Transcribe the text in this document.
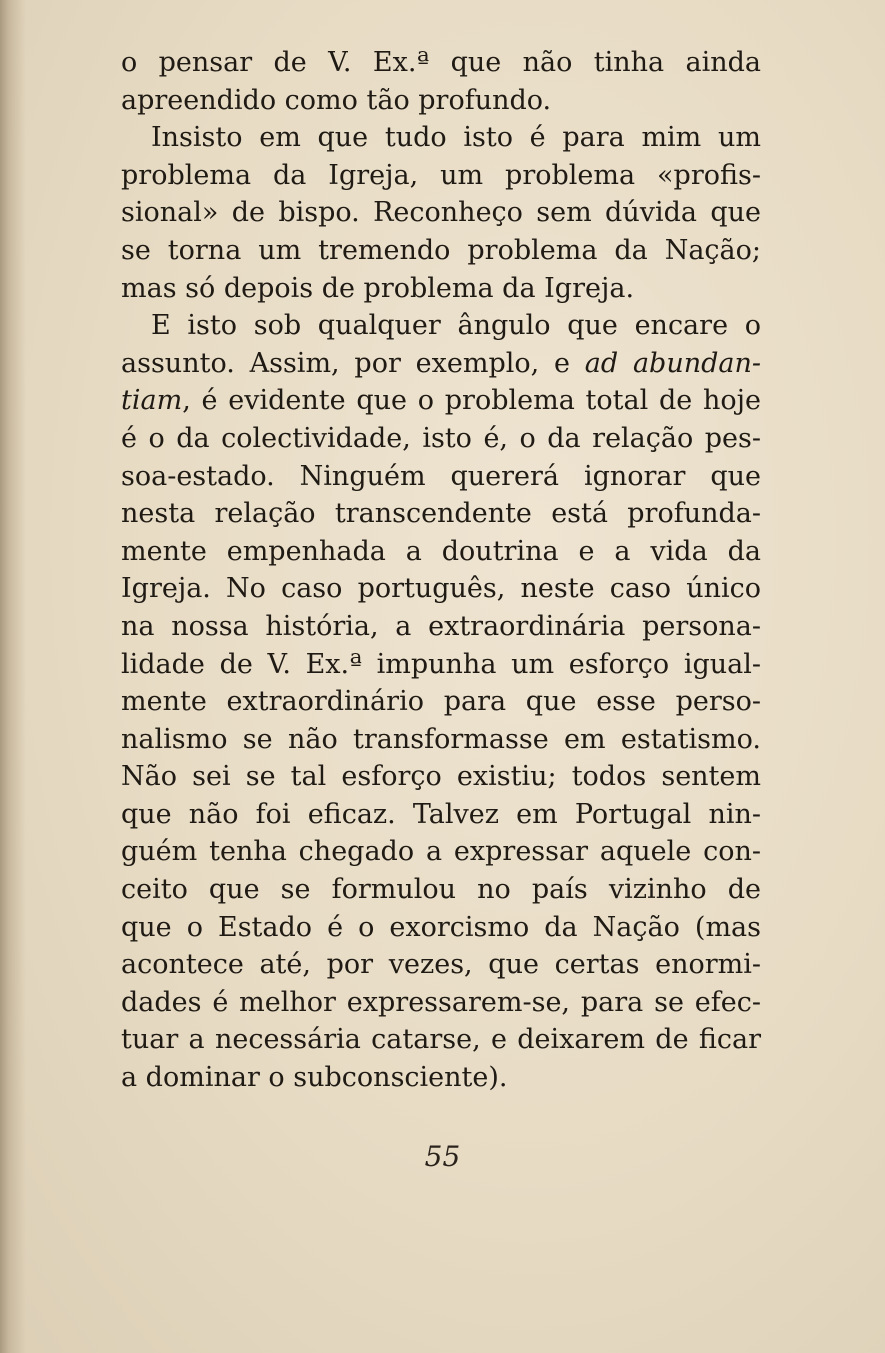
o pensar de V. Ex.ª que não tinha ainda
apreendido como tão profundo.

Insisto em que tudo isto é para mim um
problema da Igreja, um problema «profis-
sional» de bispo. Reconheço sem dúvida que
se torna um tremendo problema da Nação;
mas só depois de problema da Igreja.

E isto sob qualquer ângulo que encare o
assunto. Assim, por exemplo, e ad abundan-
tiam, é evidente que o problema total de hoje
é o da colectividade, isto é, o da relação pes-
soa-estado. Ninguém quererá ignorar que
nesta relação transcendente está profunda-
mente empenhada a doutrina e a vida da
Igreja. No caso português, neste caso único
na nossa história, a extraordinária persona-
lidade de V. Ex.ª impunha um esforço igual-
mente extraordinário para que esse perso-
nalismo se não transformasse em estatismo.
Não sei se tal esforço existiu; todos sentem
que não foi eficaz. Talvez em Portugal nin-
guém tenha chegado a expressar aquele con-
ceito que se formulou no país vizinho de
que o Estado é o exorcismo da Nação (mas
acontece até, por vezes, que certas enormi-
dades é melhor expressarem-se, para se efec-
tuar a necessária catarse, e deixarem de ficar
a dominar o subconsciente).

55
